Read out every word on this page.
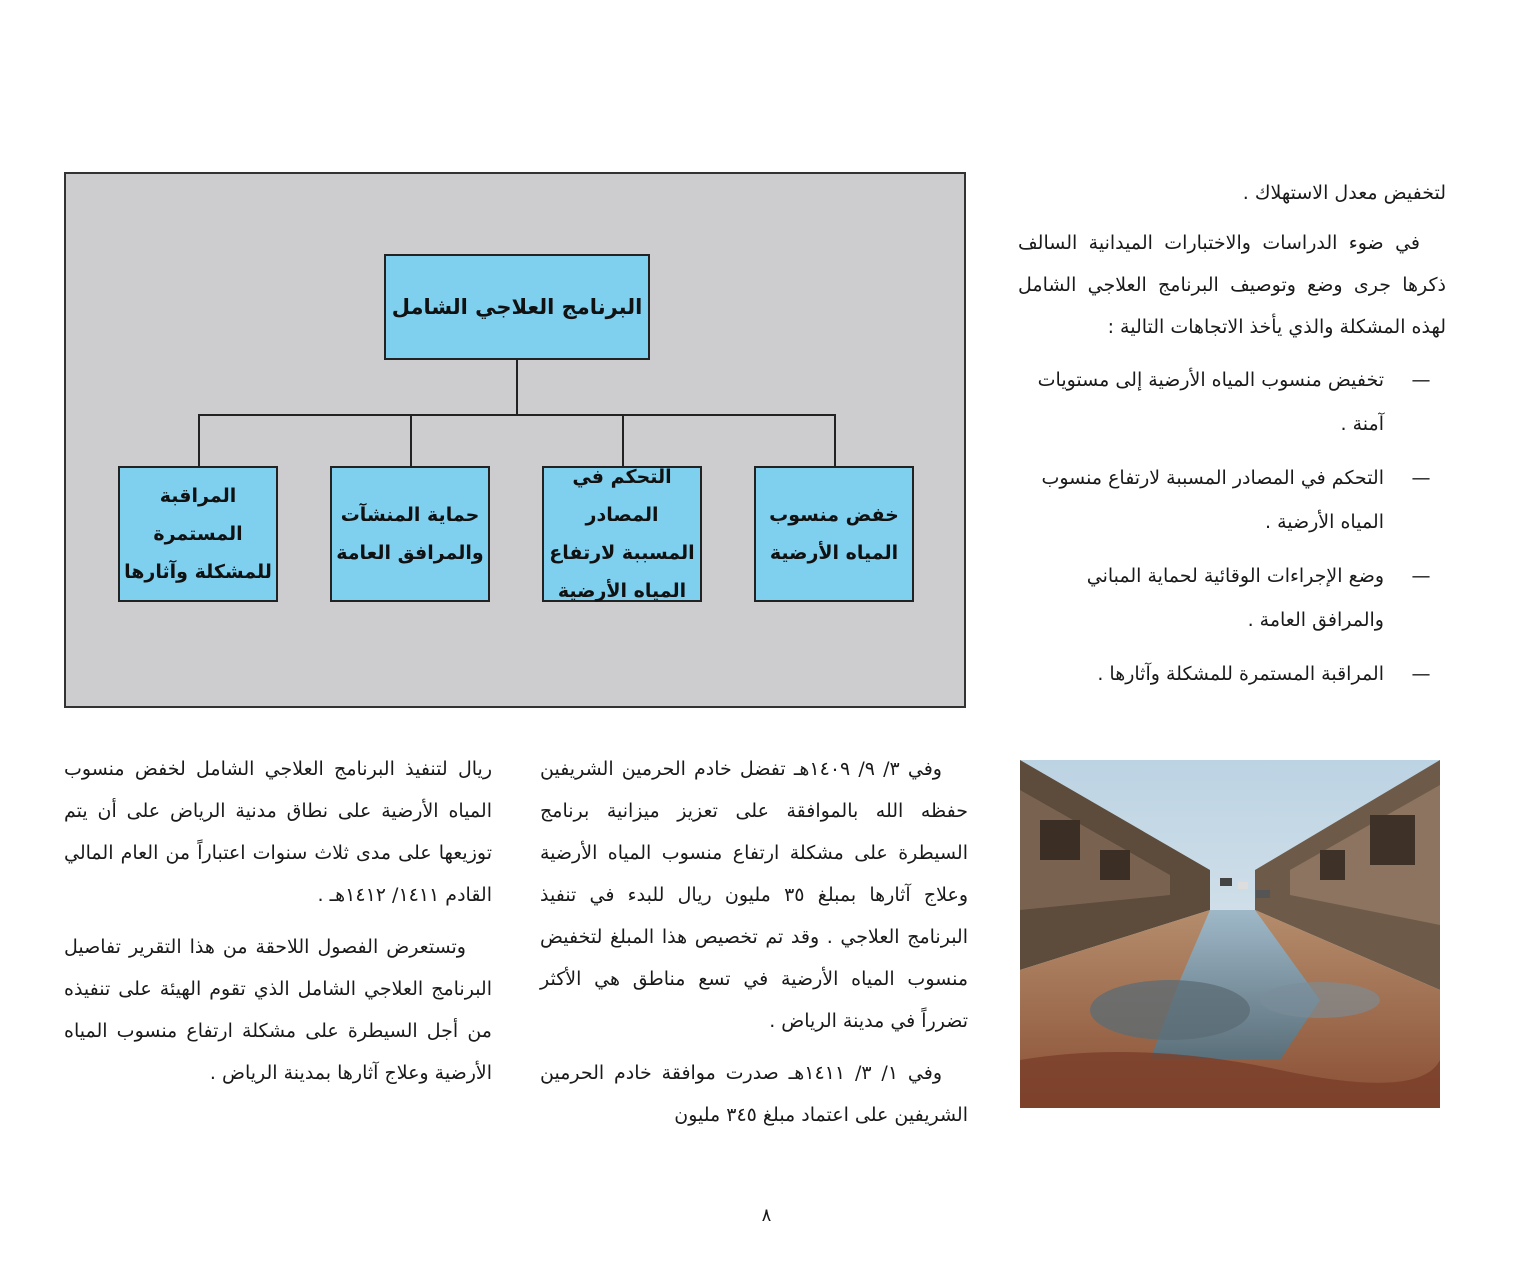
لتخفيض معدل الاستهلاك .

في ضوء الدراسات والاختبارات الميدانية السالف ذكرها جرى وضع وتوصيف البرنامج العلاجي الشامل لهذه المشكلة والذي يأخذ الاتجاهات التالية :

—
تخفيض منسوب المياه الأرضية إلى مستويات آمنة .
—
التحكم في المصادر المسببة لارتفاع منسوب المياه الأرضية .
—
وضع الإجراءات الوقائية لحماية المباني والمرافق العامة .
—
المراقبة المستمرة للمشكلة وآثارها .
البرنامج العلاجي الشامل
خفض منسوب المياه الأرضية
التحكم في المصادر المسببة لارتفاع المياه الأرضية
حماية المنشآت والمرافق العامة
المراقبة المستمرة للمشكلة وآثارها

وفي ٣/ ٩/ ١٤٠٩هـ تفضل خادم الحرمين الشريفين حفظه الله بالموافقة على تعزيز ميزانية برنامج السيطرة على مشكلة ارتفاع منسوب المياه الأرضية وعلاج آثارها بمبلغ ٣٥ مليون ريال للبدء في تنفيذ البرنامج العلاجي . وقد تم تخصيص هذا المبلغ لتخفيض منسوب المياه الأرضية في تسع مناطق هي الأكثر تضرراً في مدينة الرياض .

وفي ١/ ٣/ ١٤١١هـ صدرت موافقة خادم الحرمين الشريفين على اعتماد مبلغ ٣٤٥ مليون

ريال لتنفيذ البرنامج العلاجي الشامل لخفض منسوب المياه الأرضية على نطاق مدنية الرياض على أن يتم توزيعها على مدى ثلاث سنوات اعتباراً من العام المالي القادم ١٤١١/ ١٤١٢هـ .

وتستعرض الفصول اللاحقة من هذا التقرير تفاصيل البرنامج العلاجي الشامل الذي تقوم الهيئة على تنفيذه من أجل السيطرة على مشكلة ارتفاع منسوب المياه الأرضية وعلاج آثارها بمدينة الرياض .

٨
